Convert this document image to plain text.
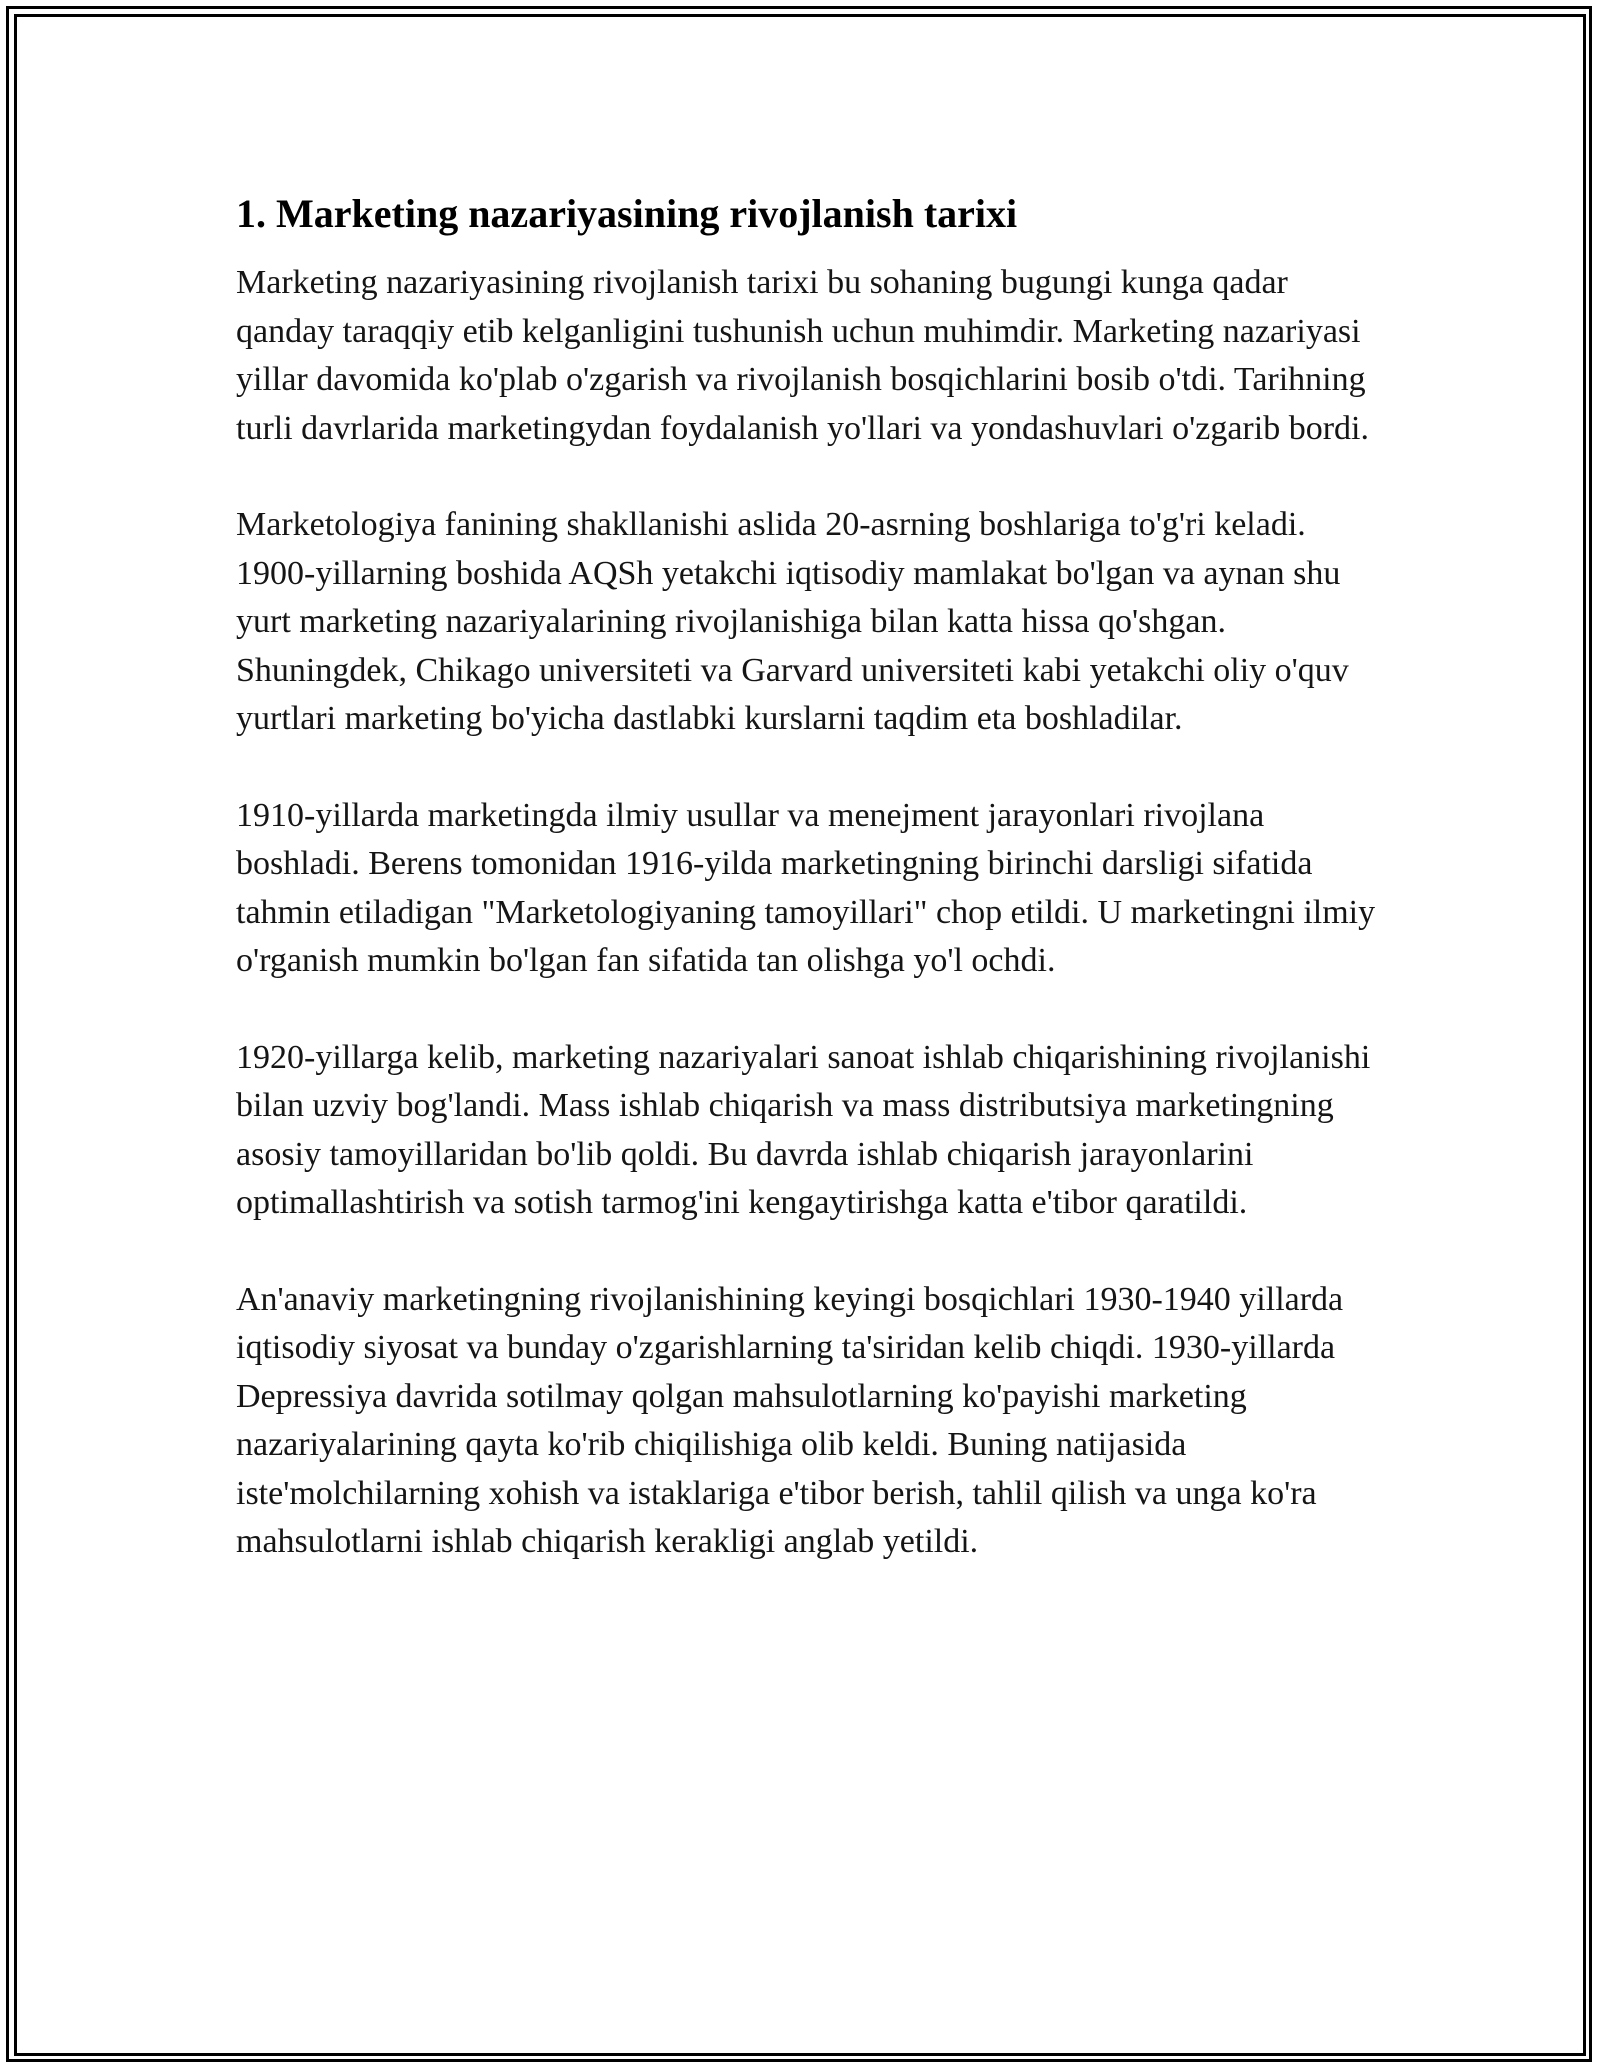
1. Marketing nazariyasining rivojlanish tarixi

Marketing nazariyasining rivojlanish tarixi bu sohaning bugungi kunga qadar qanday taraqqiy etib kelganligini tushunish uchun muhimdir. Marketing nazariyasi yillar davomida ko'plab o'zgarish va rivojlanish bosqichlarini bosib o'tdi. Tarihning turli davrlarida marketingydan foydalanish yo'llari va yondashuvlari o'zgarib bordi.

Marketologiya fanining shakllanishi aslida 20-asrning boshlariga to'g'ri keladi. 1900-yillarning boshida AQSh yetakchi iqtisodiy mamlakat bo'lgan va aynan shu yurt marketing nazariyalarining rivojlanishiga bilan katta hissa qo'shgan. Shuningdek, Chikago universiteti va Garvard universiteti kabi yetakchi oliy o'quv yurtlari marketing bo'yicha dastlabki kurslarni taqdim eta boshladilar.

1910-yillarda marketingda ilmiy usullar va menejment jarayonlari rivojlana boshladi. Berens tomonidan 1916-yilda marketingning birinchi darsligi sifatida tahmin etiladigan "Marketologiyaning tamoyillari" chop etildi. U marketingni ilmiy o'rganish mumkin bo'lgan fan sifatida tan olishga yo'l ochdi.

1920-yillarga kelib, marketing nazariyalari sanoat ishlab chiqarishining rivojlanishi bilan uzviy bog'landi. Mass ishlab chiqarish va mass distributsiya marketingning asosiy tamoyillaridan bo'lib qoldi. Bu davrda ishlab chiqarish jarayonlarini optimallashtirish va sotish tarmog'ini kengaytirishga katta e'tibor qaratildi.

An'anaviy marketingning rivojlanishining keyingi bosqichlari 1930-1940 yillarda iqtisodiy siyosat va bunday o'zgarishlarning ta'siridan kelib chiqdi. 1930-yillarda Depressiya davrida sotilmay qolgan mahsulotlarning ko'payishi marketing nazariyalarining qayta ko'rib chiqilishiga olib keldi. Buning natijasida iste'molchilarning xohish va istaklariga e'tibor berish, tahlil qilish va unga ko'ra mahsulotlarni ishlab chiqarish kerakligi anglab yetildi.
